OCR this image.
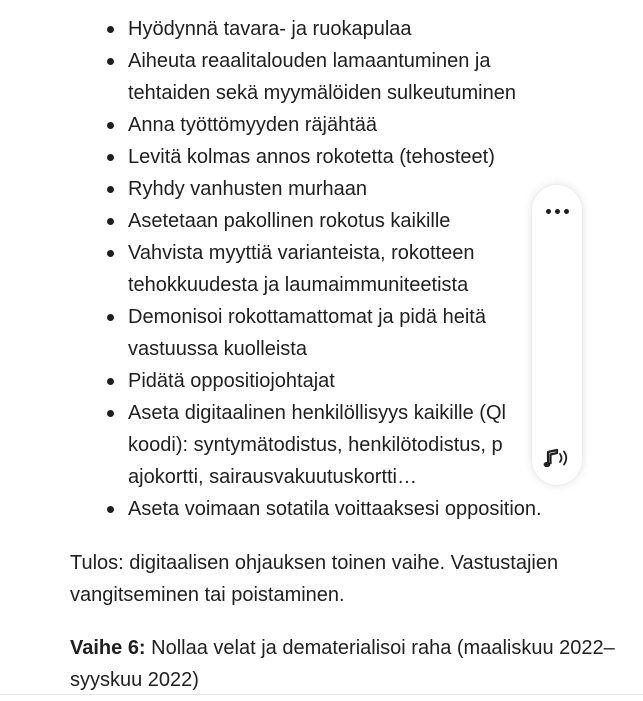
Hyödynnä tavara- ja ruokapulaa
Aiheuta reaalitalouden lamaantuminen ja
tehtaiden sekä myymälöiden sulkeutuminen
Anna työttömyyden räjähtää
Levitä kolmas annos rokotetta (tehosteet)
Ryhdy vanhusten murhaan
Asetetaan pakollinen rokotus kaikille
Vahvista myyttiä varianteista, rokotteen
tehokkuudesta ja laumaimmuniteetista
Demonisoi rokottamattomat ja pidä heitä
vastuussa kuolleista
Pidätä oppositiojohtajat
Aseta digitaalinen henkilöllisyys kaikille (Ql
koodi): syntymätodistus, henkilötodistus, p
ajokortti, sairausvakuutuskortti…
Aseta voimaan sotatila voittaaksesi opposition.

Tulos: digitaalisen ohjauksen toinen vaihe. Vastustajien vangitseminen tai poistaminen.

Vaihe 6: Nollaa velat ja dematerialisoi raha (maaliskuu 2022–syyskuu 2022)
